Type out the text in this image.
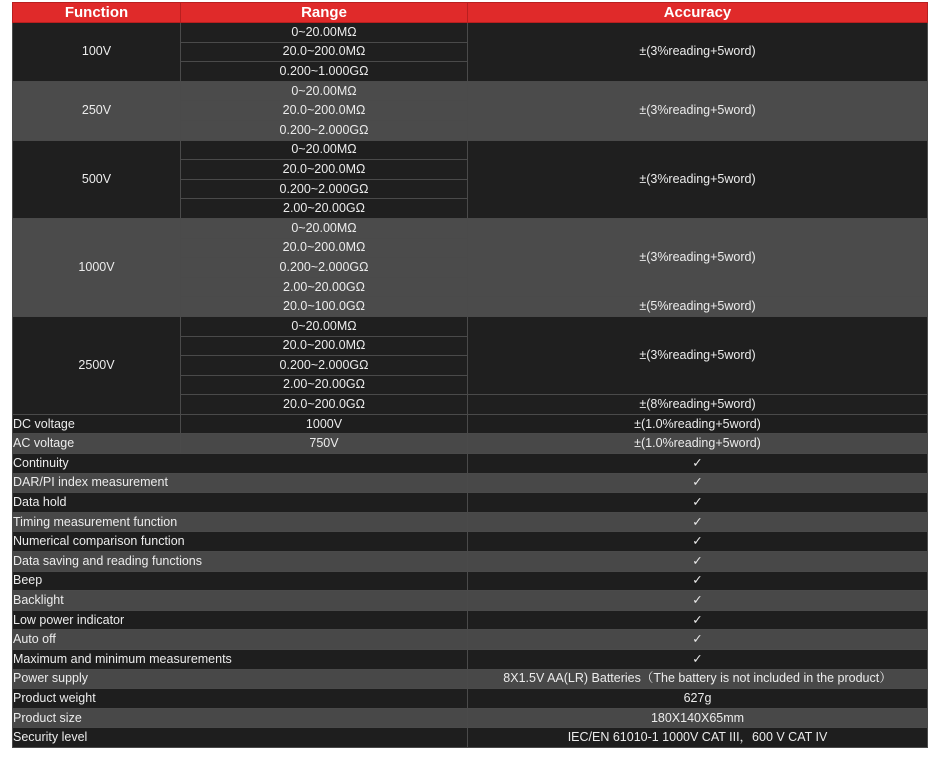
Function	Range	Accuracy
100V	0~20.00MΩ	±(3%reading+5word)
	20.0~200.0MΩ	
	0.200~1.000GΩ	
250V	0~20.00MΩ	±(3%reading+5word)
	20.0~200.0MΩ	
	0.200~2.000GΩ	
500V	0~20.00MΩ	±(3%reading+5word)
	20.0~200.0MΩ	
	0.200~2.000GΩ	
	2.00~20.00GΩ	
1000V	0~20.00MΩ	±(3%reading+5word)
	20.0~200.0MΩ	
	0.200~2.000GΩ	
	2.00~20.00GΩ	
	20.0~100.0GΩ	±(5%reading+5word)
2500V	0~20.00MΩ	±(3%reading+5word)
	20.0~200.0MΩ	
	0.200~2.000GΩ	
	2.00~20.00GΩ	
	20.0~200.0GΩ	±(8%reading+5word)
DC voltage	1000V	±(1.0%reading+5word)
AC voltage	750V	±(1.0%reading+5word)
Continuity		✓
DAR/PI index measurement		✓
Data hold		✓
Timing measurement function		✓
Numerical comparison function		✓
Data saving and reading functions		✓
Beep		✓
Backlight		✓
Low power indicator		✓
Auto off		✓
Maximum and minimum measurements		✓
Power supply		8X1.5V AA(LR) Batteries（The battery is not included in the product）
Product weight		627g
Product size		180X140X65mm
Security level		IEC/EN 61010-1 1000V CAT III，600 V CAT IV
